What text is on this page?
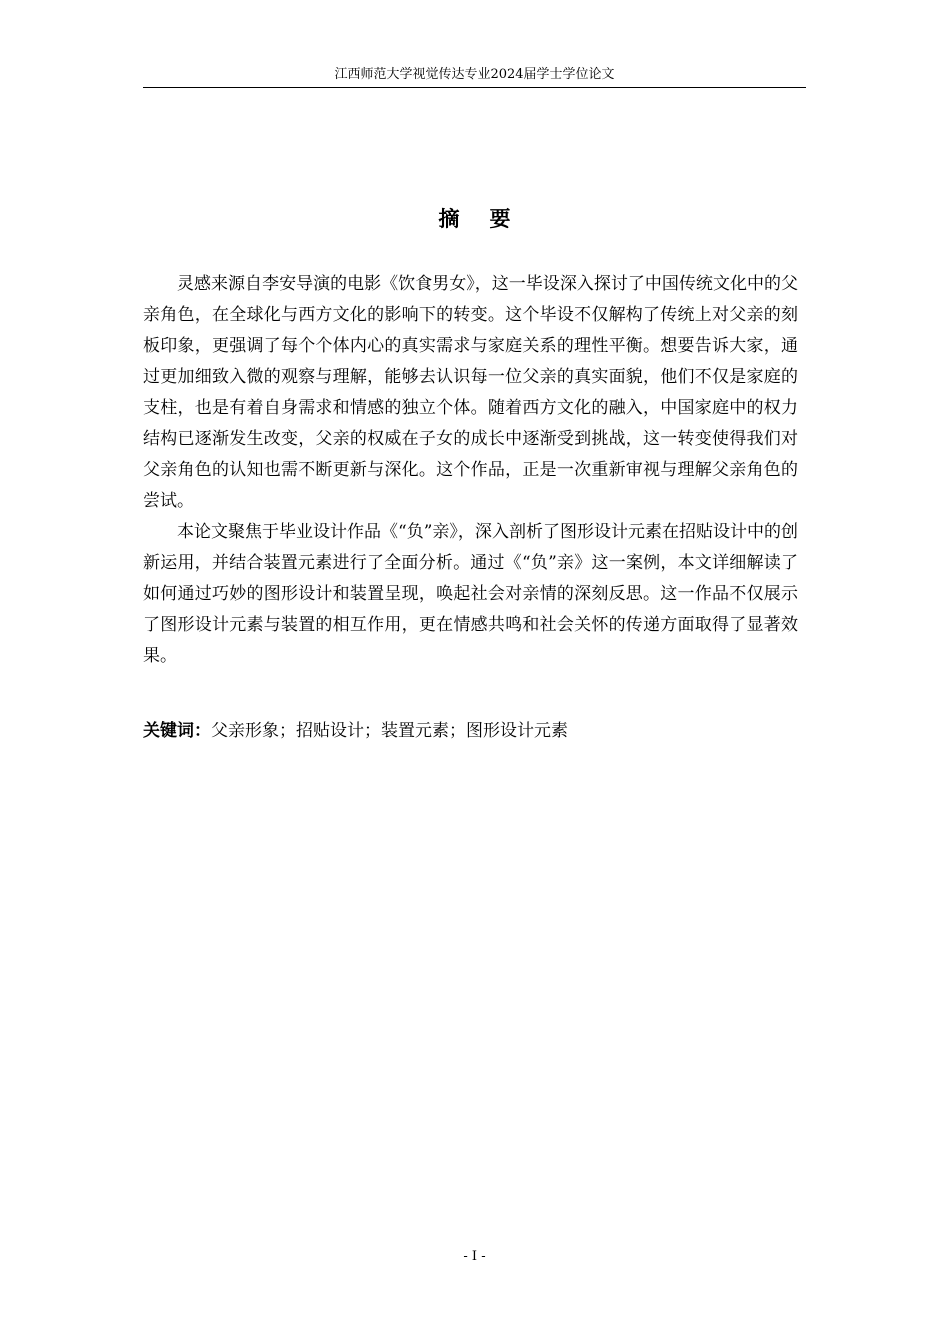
江西师范大学视觉传达专业2024届学士学位论文
摘要

灵感来源自李安导演的电影《饮食男女》，这一毕设深入探讨了中国传统文化中的父亲角色，在全球化与西方文化的影响下的转变。这个毕设不仅解构了传统上对父亲的刻板印象，更强调了每个个体内心的真实需求与家庭关系的理性平衡。想要告诉大家，通过更加细致入微的观察与理解，能够去认识每一位父亲的真实面貌，他们不仅是家庭的支柱，也是有着自身需求和情感的独立个体。随着西方文化的融入，中国家庭中的权力结构已逐渐发生改变，父亲的权威在子女的成长中逐渐受到挑战，这一转变使得我们对父亲角色的认知也需不断更新与深化。这个作品，正是一次重新审视与理解父亲角色的尝试。

本论文聚焦于毕业设计作品《“负”亲》，深入剖析了图形设计元素在招贴设计中的创新运用，并结合装置元素进行了全面分析。通过《“负”亲》这一案例，本文详细解读了如何通过巧妙的图形设计和装置呈现，唤起社会对亲情的深刻反思。这一作品不仅展示了图形设计元素与装置的相互作用，更在情感共鸣和社会关怀的传递方面取得了显著效果。

关键词：父亲形象；招贴设计；装置元素；图形设计元素
- I -
